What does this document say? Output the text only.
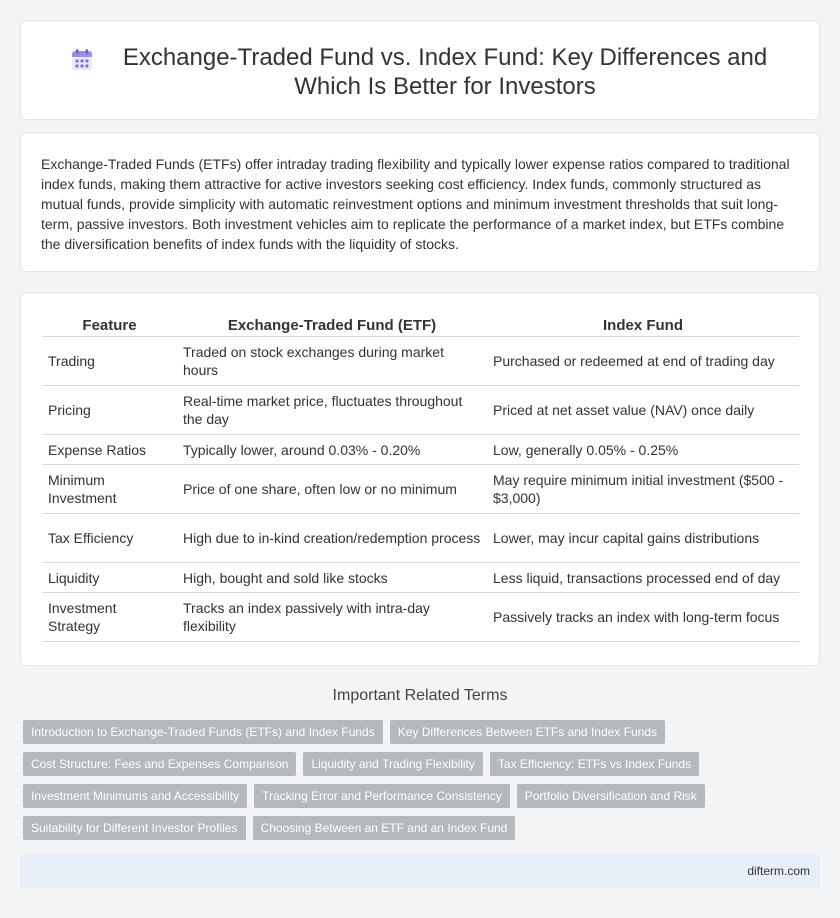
Exchange-Traded Fund vs. Index Fund: Key Differences and Which Is Better for Investors

Exchange-Traded Funds (ETFs) offer intraday trading flexibility and typically lower expense ratios compared to traditional index funds, making them attractive for active investors seeking cost efficiency. Index funds, commonly structured as mutual funds, provide simplicity with automatic reinvestment options and minimum investment thresholds that suit long-term, passive investors. Both investment vehicles aim to replicate the performance of a market index, but ETFs combine the diversification benefits of index funds with the liquidity of stocks.

Feature	Exchange-Traded Fund (ETF)	Index Fund
Trading	Traded on stock exchanges during market hours	Purchased or redeemed at end of trading day
Pricing	Real-time market price, fluctuates throughout the day	Priced at net asset value (NAV) once daily
Expense Ratios	Typically lower, around 0.03% - 0.20%	Low, generally 0.05% - 0.25%
Minimum Investment	Price of one share, often low or no minimum	May require minimum initial investment ($500 - $3,000)
Tax Efficiency	High due to in-kind creation/redemption process	Lower, may incur capital gains distributions
Liquidity	High, bought and sold like stocks	Less liquid, transactions processed end of day
Investment Strategy	Tracks an index passively with intra-day flexibility	Passively tracks an index with long-term focus
Important Related Terms
Introduction to Exchange-Traded Funds (ETFs) and Index Funds	Key Differences Between ETFs and Index Funds
Cost Structure: Fees and Expenses Comparison	Liquidity and Trading Flexibility	Tax Efficiency: ETFs vs Index Funds
Investment Minimums and Accessibility	Tracking Error and Performance Consistency	Portfolio Diversification and Risk
Suitability for Different Investor Profiles	Choosing Between an ETF and an Index Fund
difterm.com
